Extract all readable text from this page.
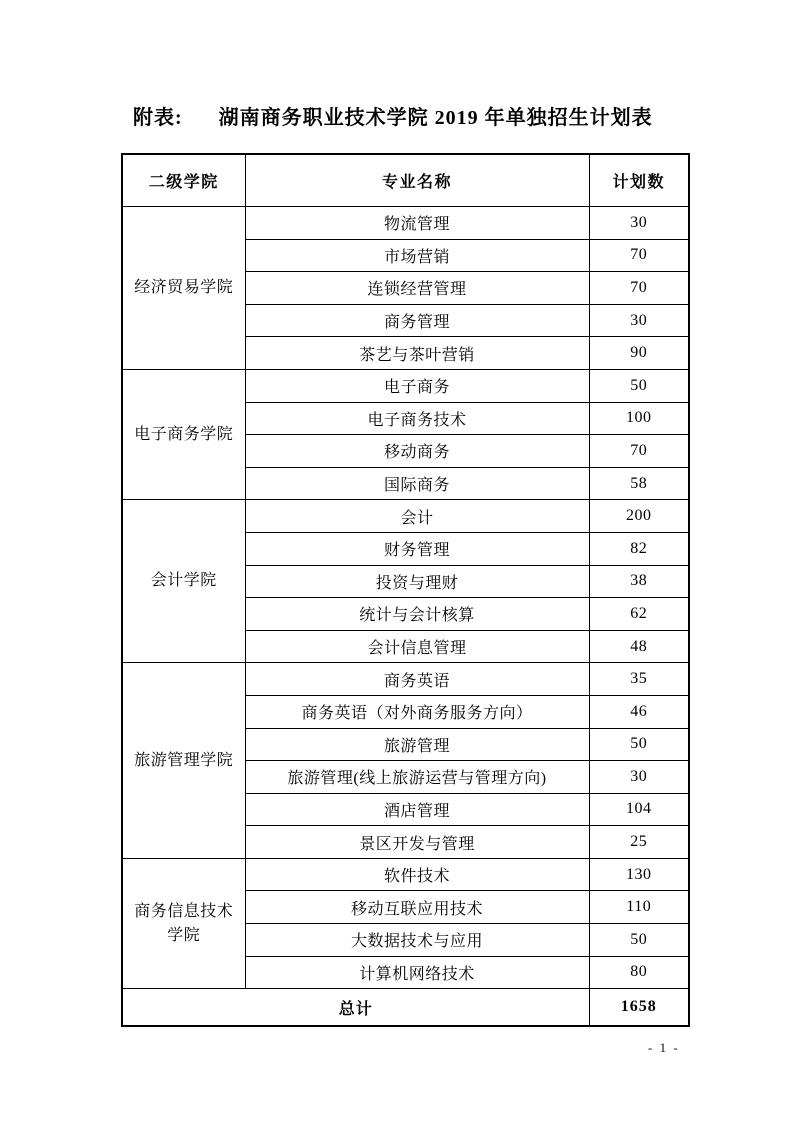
附表: 湖南商务职业技术学院 2019 年单独招生计划表
二级学院	专业名称	计划数
经济贸易学院	物流管理	30
	市场营销	70
	连锁经营管理	70
	商务管理	30
	茶艺与茶叶营销	90
电子商务学院	电子商务	50
	电子商务技术	100
	移动商务	70
	国际商务	58
会计学院	会计	200
	财务管理	82
	投资与理财	38
	统计与会计核算	62
	会计信息管理	48
旅游管理学院	商务英语	35
	商务英语（对外商务服务方向）	46
	旅游管理	50
	旅游管理(线上旅游运营与管理方向)	30
	酒店管理	104
	景区开发与管理	25
商务信息技术学院	软件技术	130
	移动互联应用技术	110
	大数据技术与应用	50
	计算机网络技术	80
总计		1658
- 1 -
